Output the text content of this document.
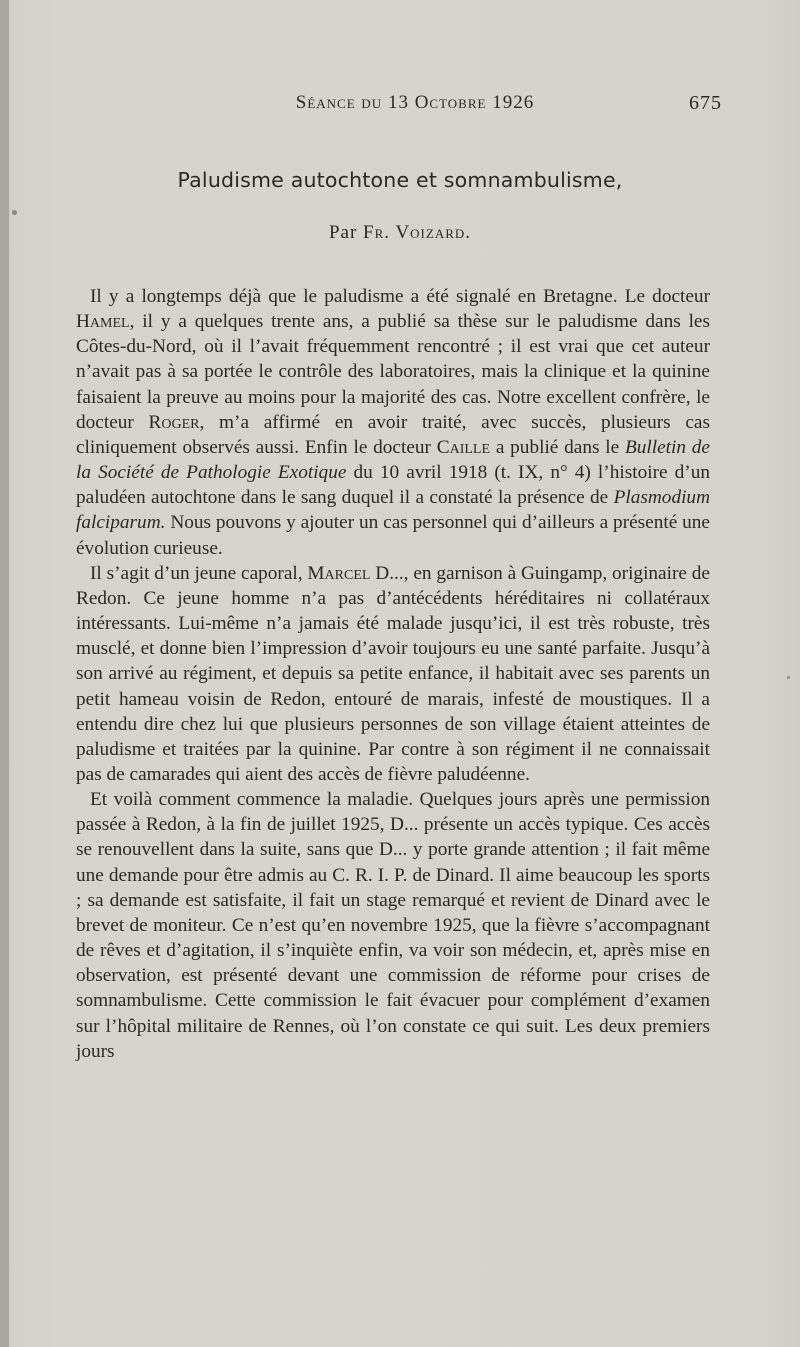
Séance du 13 Octobre 1926	675
Paludisme autochtone et somnambulisme,
Par Fr. Voizard.

Il y a longtemps déjà que le paludisme a été signalé en Bretagne. Le docteur Hamel, il y a quelques trente ans, a publié sa thèse sur le paludisme dans les Côtes-du-Nord, où il l’avait fréquemment rencontré ; il est vrai que cet auteur n’avait pas à sa portée le contrôle des laboratoires, mais la clinique et la quinine faisaient la preuve au moins pour la majorité des cas. Notre excellent confrère, le docteur Roger, m’a affirmé en avoir traité, avec succès, plusieurs cas cliniquement observés aussi. Enfin le docteur Caille a publié dans le Bulletin de la Société de Pathologie Exotique du 10 avril 1918 (t. IX, n° 4) l’histoire d’un paludéen autochtone dans le sang duquel il a constaté la présence de Plasmodium falciparum. Nous pouvons y ajouter un cas personnel qui d’ailleurs a présenté une évolution curieuse.

Il s’agit d’un jeune caporal, Marcel D..., en garnison à Guingamp, originaire de Redon. Ce jeune homme n’a pas d’antécédents héréditaires ni collatéraux intéressants. Lui-même n’a jamais été malade jusqu’ici, il est très robuste, très musclé, et donne bien l’impression d’avoir toujours eu une santé parfaite. Jusqu’à son arrivé au régiment, et depuis sa petite enfance, il habitait avec ses parents un petit hameau voisin de Redon, entouré de marais, infesté de moustiques. Il a entendu dire chez lui que plusieurs personnes de son village étaient atteintes de paludisme et traitées par la quinine. Par contre à son régiment il ne connaissait pas de camarades qui aient des accès de fièvre paludéenne.

Et voilà comment commence la maladie. Quelques jours après une permission passée à Redon, à la fin de juillet 1925, D... présente un accès typique. Ces accès se renouvellent dans la suite, sans que D... y porte grande attention ; il fait même une demande pour être admis au C. R. I. P. de Dinard. Il aime beaucoup les sports ; sa demande est satisfaite, il fait un stage remarqué et revient de Dinard avec le brevet de moniteur. Ce n’est qu’en novembre 1925, que la fièvre s’accompagnant de rêves et d’agitation, il s’inquiète enfin, va voir son médecin, et, après mise en observation, est présenté devant une commission de réforme pour crises de somnambulisme. Cette commission le fait évacuer pour complément d’examen sur l’hôpital militaire de Rennes, où l’on constate ce qui suit. Les deux premiers jours
